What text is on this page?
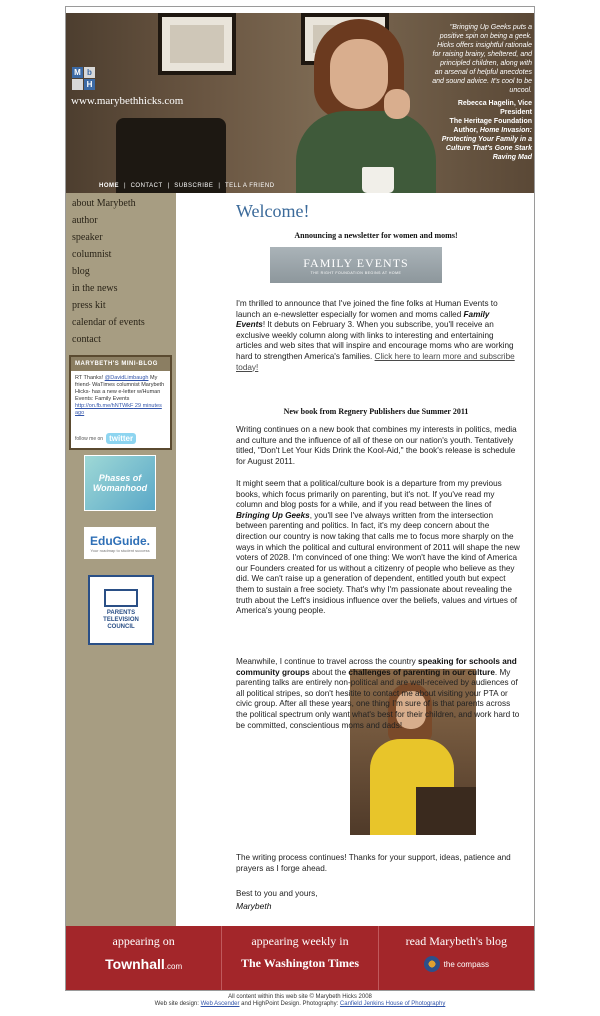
M b
H
www.marybethhicks.com
"Bringing Up Geeks puts a positive spin on being a geek. Hicks offers insightful rationale for raising brainy, sheltered, and principled children, along with an arsenal of helpful anecdotes and sound advice. It's cool to be uncool.
Rebecca Hagelin, Vice President
The Heritage Foundation
Author, Home Invasion: Protecting Your Family in a Culture That's Gone Stark Raving Mad
HOME | CONTACT | SUBSCRIBE | TELL A FRIEND
about Marybeth
author
speaker
columnist
blog
in the news
press kit
calendar of events
contact
MARYBETH'S MINI-BLOG
RT Thanks! @DavidLimbaugh My friend- WaTimes columnist Marybeth Hicks- has a new e-letter w/Human Events: Family Events http://on.fb.me/hNTWkF 29 minutes ago
follow me on twitter
Phases of Womanhood
EduGuide.
Your roadmap to student success
PARENTS TELEVISION COUNCIL
Welcome!
Announcing a newsletter for women and moms!
FAMILY EVENTS
THE RIGHT FOUNDATION BEGINS AT HOME
I'm thrilled to announce that I've joined the fine folks at Human Events to launch an e-newsletter especially for women and moms called Family Events! It debuts on February 3. When you subscribe, you'll receive an exclusive weekly column along with links to interesting and entertaining articles and web sites that will inspire and encourage moms who are working hard to strengthen America's families. Click here to learn more and subscribe today!
New book from Regnery Publishers due Summer 2011
Writing continues on a new book that combines my interests in politics, media and culture and the influence of all of these on our nation's youth. Tentatively titled, "Don't Let Your Kids Drink the Kool-Aid," the book's release is schedule for August 2011.
It might seem that a political/culture book is a departure from my previous books, which focus primarily on parenting, but it's not. If you've read my column and blog posts for a while, and if you read between the lines of Bringing Up Geeks, you'll see I've always written from the intersection between parenting and politics. In fact, it's my deep concern about the direction our country is now taking that calls me to focus more sharply on the ways in which the political and cultural environment of 2011 will shape the new voters of 2028. I'm convinced of one thing: We won't have the kind of America our Founders created for us without a citizenry of people who believe as they did. We can't raise up a generation of dependent, entitled youth but expect them to sustain a free society. That's why I'm passionate about revealing the truth about the Left's insidious influence over the beliefs, values and virtues of America's young people.
Meanwhile, I continue to travel across the country speaking for schools and community groups about the challenges of parenting in our culture. My parenting talks are entirely non-political and are well-received by audiences of all political stripes, so don't hesitite to contact me about visiting your PTA or civic group. After all these years, one thing I'm sure of is that parents across the political spectrum only want what's best for their children, and work hard to be committed, conscientious moms and dads!
The writing process continues! Thanks for your support, ideas, patience and prayers as I forge ahead.
Best to you and yours,
Marybeth
appearing on
Townhall.com
appearing weekly in
The Washington Times
read Marybeth's blog
the compass
All content within this web site © Marybeth Hicks 2008
Web site design: Web Ascender and HighPoint Design. Photography: Canfield Jenkins House of Photography
